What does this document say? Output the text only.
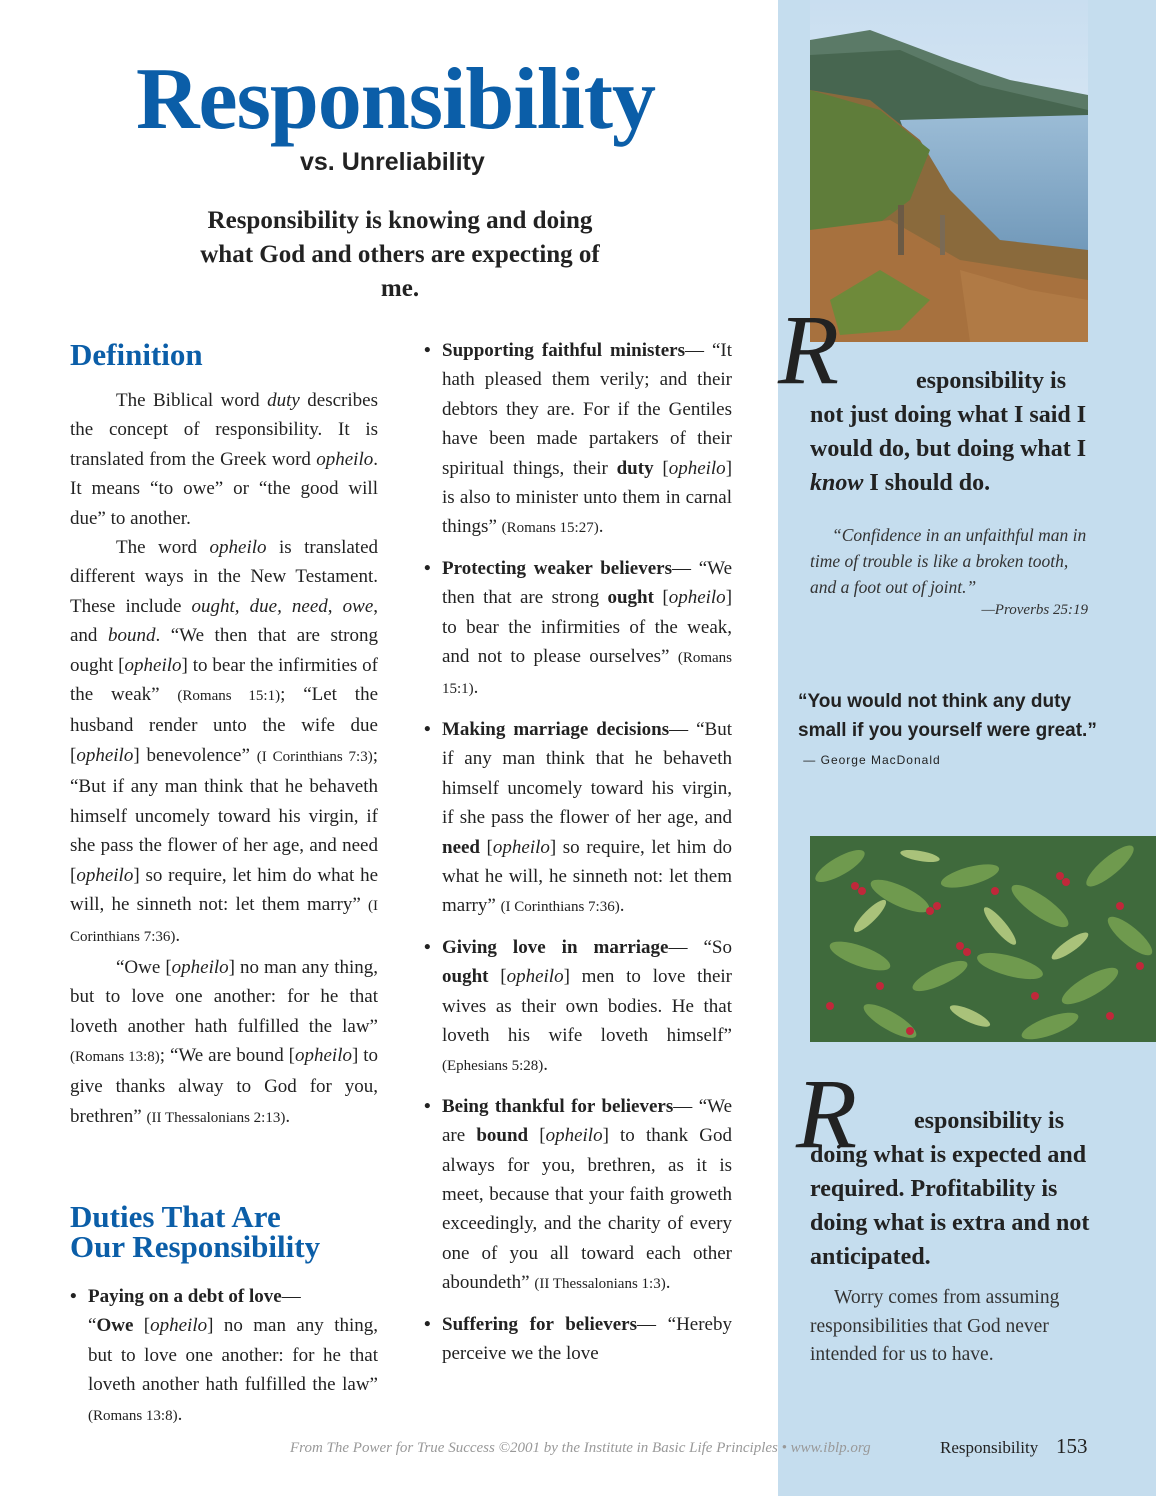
Responsibility
vs. Unreliability

Responsibility is knowing and doing what God and others are expecting of me.

Definition

The Biblical word duty describes the concept of responsibility. It is translated from the Greek word opheilo. It means “to owe” or “the good will due” to another.

The word opheilo is translated different ways in the New Testament. These include ought, due, need, owe, and bound. “We then that are strong ought [opheilo] to bear the infirmities of the weak” (Romans 15:1); “Let the husband render unto the wife due [opheilo] benevolence” (I Corinthians 7:3); “But if any man think that he behaveth himself uncomely toward his virgin, if she pass the flower of her age, and need [opheilo] so require, let him do what he will, he sinneth not: let them marry” (I Corinthians 7:36).

“Owe [opheilo] no man any thing, but to love one another: for he that loveth another hath fulfilled the law” (Romans 13:8); “We are bound [opheilo] to give thanks alway to God for you, brethren” (II Thessalonians 2:13).

Duties That Are
Our Responsibility
• Paying on a debt of love—
“Owe [opheilo] no man any thing, but to love one another: for he that loveth another hath fulfilled the law” (Romans 13:8).

• Supporting faithful ministers— “It hath pleased them verily; and their debtors they are. For if the Gentiles have been made partakers of their spiritual things, their duty [opheilo] is also to minister unto them in carnal things” (Romans 15:27).

• Protecting weaker believers— “We then that are strong ought [opheilo] to bear the infirmities of the weak, and not to please ourselves” (Romans 15:1).

• Making marriage decisions— “But if any man think that he behaveth himself uncomely toward his virgin, if she pass the flower of her age, and need [opheilo] so require, let him do what he will, he sinneth not: let them marry” (I Corinthians 7:36).

• Giving love in marriage— “So ought [opheilo] men to love their wives as their own bodies. He that loveth his wife loveth himself” (Ephesians 5:28).

• Being thankful for believers— “We are bound [opheilo] to thank God always for you, brethren, as it is meet, because that your faith groweth exceedingly, and the charity of every one of you all toward each other aboundeth” (II Thessalonians 1:3).

• Suffering for believers— “Hereby perceive we the love

R	esponsibility is not just doing what I said I would do, but doing what I know I should do.

“Confidence in an unfaithful man in time of trouble is like a broken tooth, and a foot out of joint.”

—Proverbs 25:19

“You would not think any duty small if you yourself were great.”  — George MacDonald

R	esponsibility is doing what is expected and required. Profitability is doing what is extra and not anticipated.

Worry comes from assuming responsibilities that God never intended for us to have.

From The Power for True Success ©2001 by the Institute in Basic Life Principles • www.iblp.org	Responsibility 153
